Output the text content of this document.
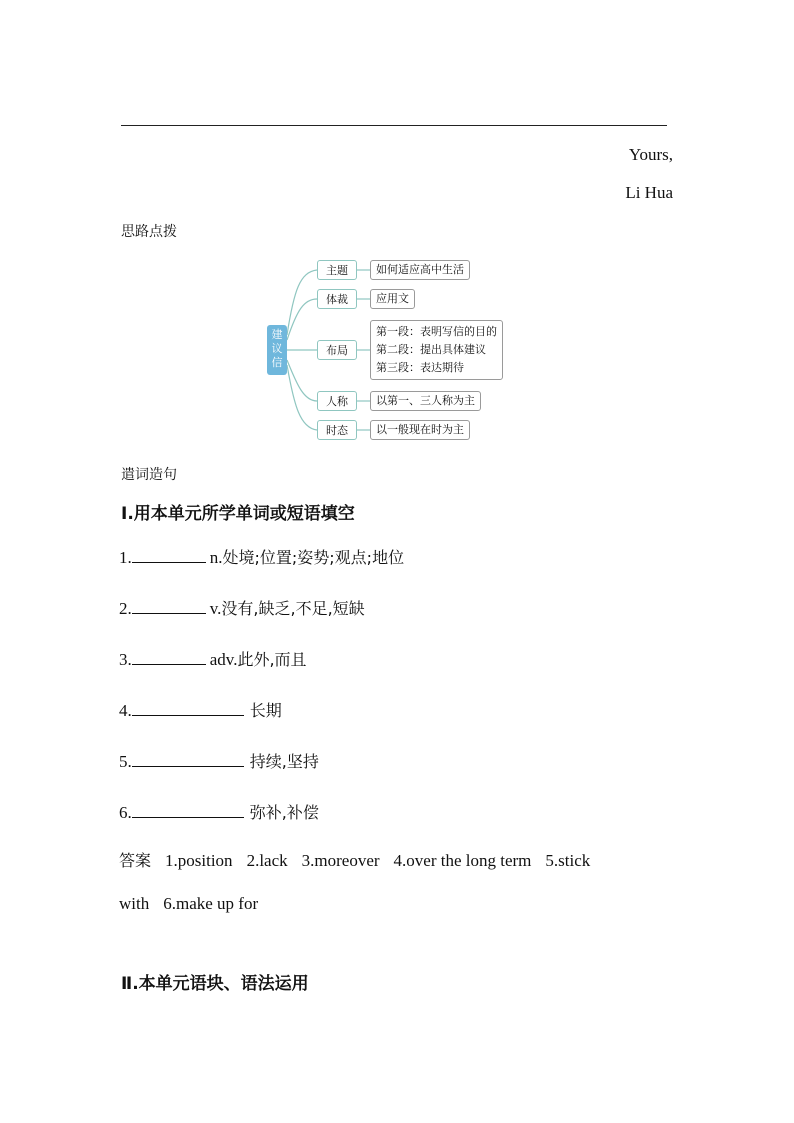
Yours,
Li Hua
思路点拨
建议信
主题	如何适应高中生活
体裁	应用文
布局
第一段：表明写信的目的
第二段：提出具体建议
第三段：表达期待
人称	以第一、三人称为主
时态	以一般现在时为主
遣词造句
Ⅰ.用本单元所学单词或短语填空
1.	n.处境;位置;姿势;观点;地位
2.	v.没有,缺乏,不足,短缺
3.	adv.此外,而且
4.	长期
5.	持续,坚持
6.	弥补,补偿
答案 1.position 2.lack 3.moreover 4.over the long term 5.stick with 6.make up for
Ⅱ.本单元语块、语法运用
